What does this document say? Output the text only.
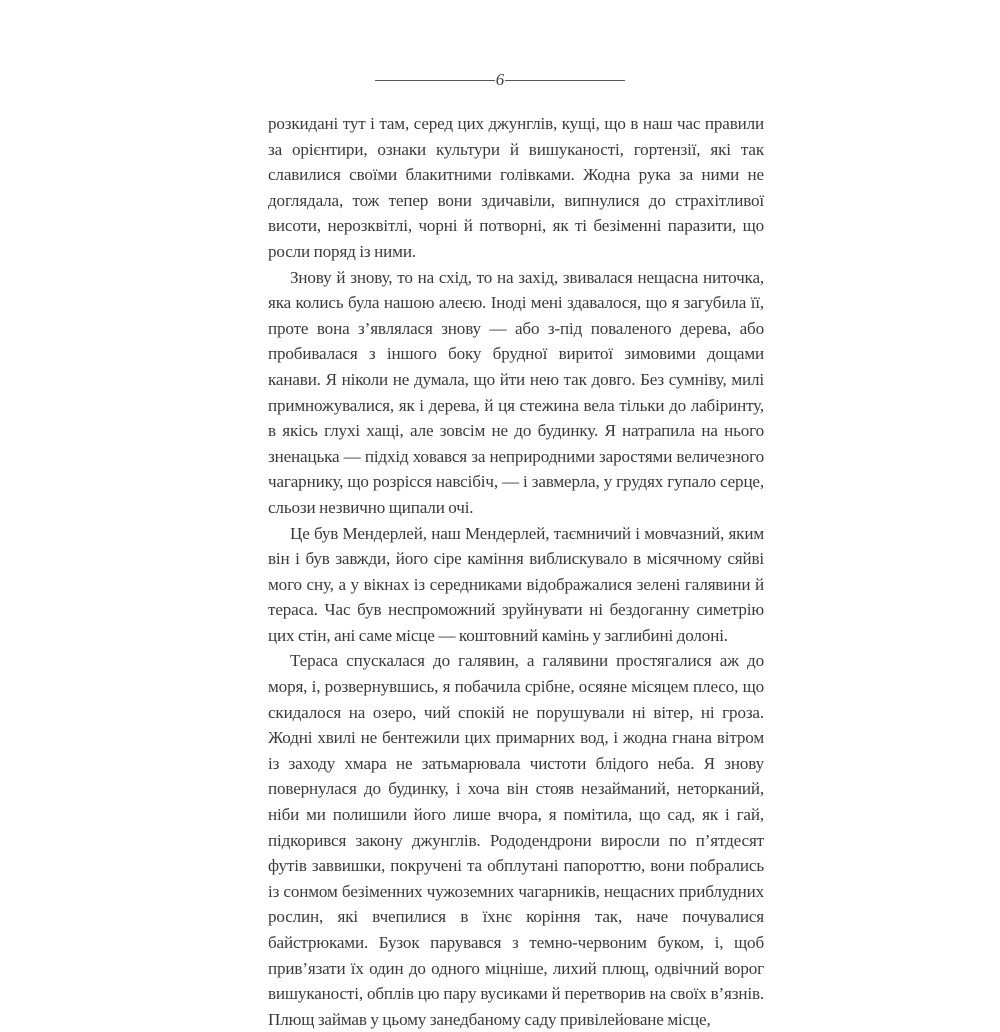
6

розкидані тут і там, серед цих джунглів, кущі, що в наш час правили за орієнтири, ознаки культури й вишуканості, гортензії, які так славилися своїми блакитними голівками. Жодна рука за ними не доглядала, тож тепер вони здичавіли, випнулися до страхітливої висоти, нерозквітлі, чорні й потворні, як ті безіменні паразити, що росли поряд із ними.

Знову й знову, то на схід, то на захід, звивалася нещасна ниточка, яка колись була нашою алеєю. Іноді мені здавалося, що я загубила її, проте вона з’являлася знову — або з-під поваленого дерева, або пробивалася з іншого боку брудної виритої зимовими дощами канави. Я ніколи не думала, що йти нею так довго. Без сумніву, милі примножувалися, як і дерева, й ця стежина вела тільки до лабіринту, в якісь глухі хащі, але зовсім не до будинку. Я натрапила на нього зненацька — підхід ховався за неприродними заростями величезного чагарнику, що розрісся навсібіч, — і завмерла, у грудях гупало серце, сльози незвично щипали очі.

Це був Мендерлей, наш Мендерлей, таємничий і мовчазний, яким він і був завжди, його сіре каміння виблискувало в місячному сяйві мого сну, а у вікнах із середниками відображалися зелені галявини й тераса. Час був неспроможний зруйнувати ні бездоганну симетрію цих стін, ані саме місце — коштовний камінь у заглибині долоні.

Тераса спускалася до галявин, а галявини простягалися аж до моря, і, розвернувшись, я побачила срібне, осяяне місяцем плесо, що скидалося на озеро, чий спокій не порушували ні вітер, ні гроза. Жодні хвилі не бентежили цих примарних вод, і жодна гнана вітром із заходу хмара не затьмарювала чистоти блідого неба. Я знову повернулася до будинку, і хоча він стояв незайманий, неторканий, ніби ми полишили його лише вчора, я помітила, що сад, як і гай, підкорився закону джунглів. Рододендрони виросли по п’ятдесят футів заввишки, покручені та обплутані папороттю, вони побрались із сонмом безіменних чужоземних чагарників, нещасних приблудних рослин, які вчепилися в їхнє коріння так, наче почувалися байстрюками. Бузок парувався з темно-червоним буком, і, щоб прив’язати їх один до одного міцніше, лихий плющ, одвічний ворог вишуканості, обплів цю пару вусиками й перетворив на своїх в’язнів. Плющ займав у цьому занедбаному саду привілейоване місце,
